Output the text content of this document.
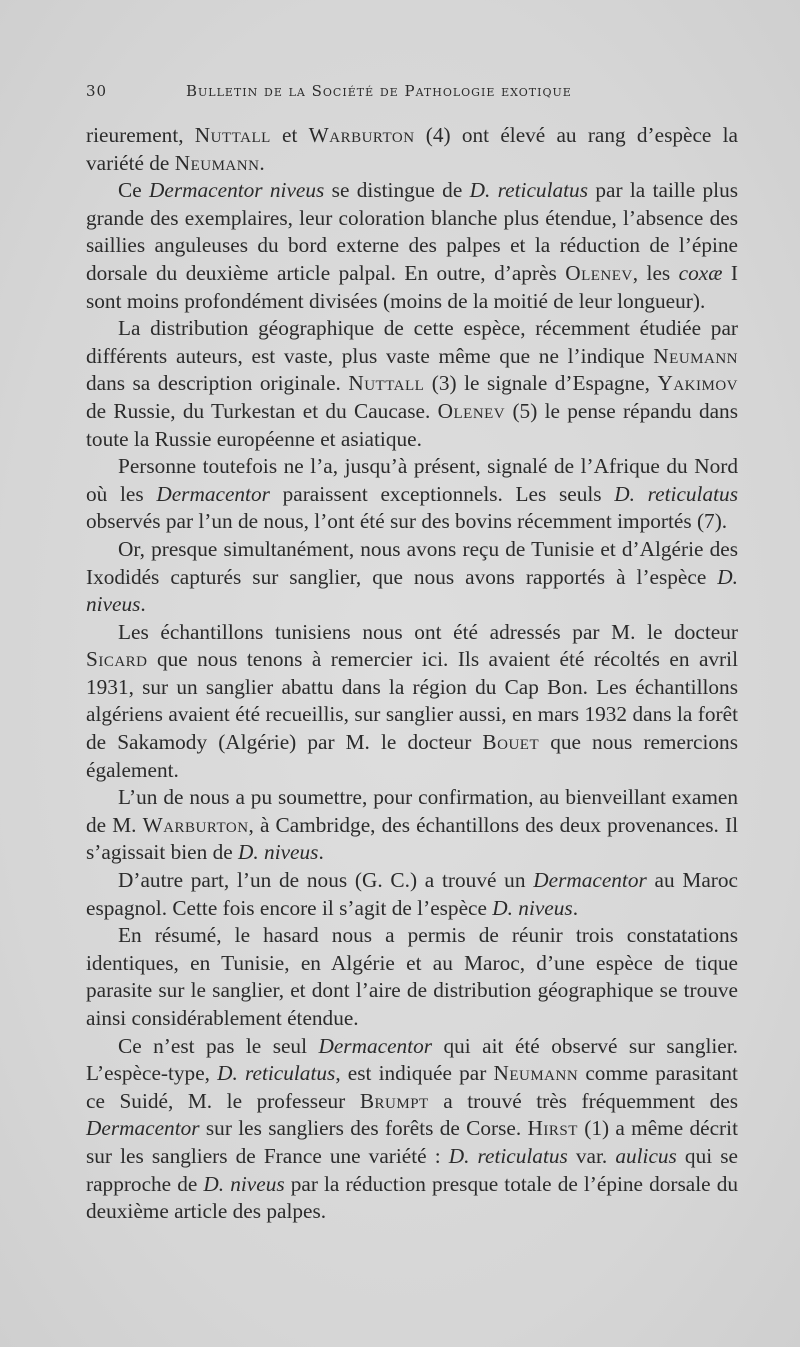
30	Bulletin de la Société de Pathologie exotique

rieurement, Nuttall et Warburton (4) ont élevé au rang d’espèce la variété de Neumann.

Ce Dermacentor niveus se distingue de D. reticulatus par la taille plus grande des exemplaires, leur coloration blanche plus étendue, l’absence des saillies anguleuses du bord externe des palpes et la réduction de l’épine dorsale du deuxième article palpal. En outre, d’après Olenev, les coxæ I sont moins profondément divisées (moins de la moitié de leur longueur).

La distribution géographique de cette espèce, récemment étudiée par différents auteurs, est vaste, plus vaste même que ne l’indique Neumann dans sa description originale. Nuttall (3) le signale d’Espagne, Yakimov de Russie, du Turkestan et du Caucase. Olenev (5) le pense répandu dans toute la Russie européenne et asiatique.

Personne toutefois ne l’a, jusqu’à présent, signalé de l’Afrique du Nord où les Dermacentor paraissent exceptionnels. Les seuls D. reticulatus observés par l’un de nous, l’ont été sur des bovins récemment importés (7).

Or, presque simultanément, nous avons reçu de Tunisie et d’Algérie des Ixodidés capturés sur sanglier, que nous avons rapportés à l’espèce D. niveus.

Les échantillons tunisiens nous ont été adressés par M. le docteur Sicard que nous tenons à remercier ici. Ils avaient été récoltés en avril 1931, sur un sanglier abattu dans la région du Cap Bon. Les échantillons algériens avaient été recueillis, sur sanglier aussi, en mars 1932 dans la forêt de Sakamody (Algérie) par M. le docteur Bouet que nous remercions également.

L’un de nous a pu soumettre, pour confirmation, au bienveillant examen de M. Warburton, à Cambridge, des échantillons des deux provenances. Il s’agissait bien de D. niveus.

D’autre part, l’un de nous (G. C.) a trouvé un Dermacentor au Maroc espagnol. Cette fois encore il s’agit de l’espèce D. niveus.

En résumé, le hasard nous a permis de réunir trois constatations identiques, en Tunisie, en Algérie et au Maroc, d’une espèce de tique parasite sur le sanglier, et dont l’aire de distribution géographique se trouve ainsi considérablement étendue.

Ce n’est pas le seul Dermacentor qui ait été observé sur sanglier. L’espèce-type, D. reticulatus, est indiquée par Neumann comme parasitant ce Suidé, M. le professeur Brumpt a trouvé très fréquemment des Dermacentor sur les sangliers des forêts de Corse. Hirst (1) a même décrit sur les sangliers de France une variété : D. reticulatus var. aulicus qui se rapproche de D. niveus par la réduction presque totale de l’épine dorsale du deuxième article des palpes.
